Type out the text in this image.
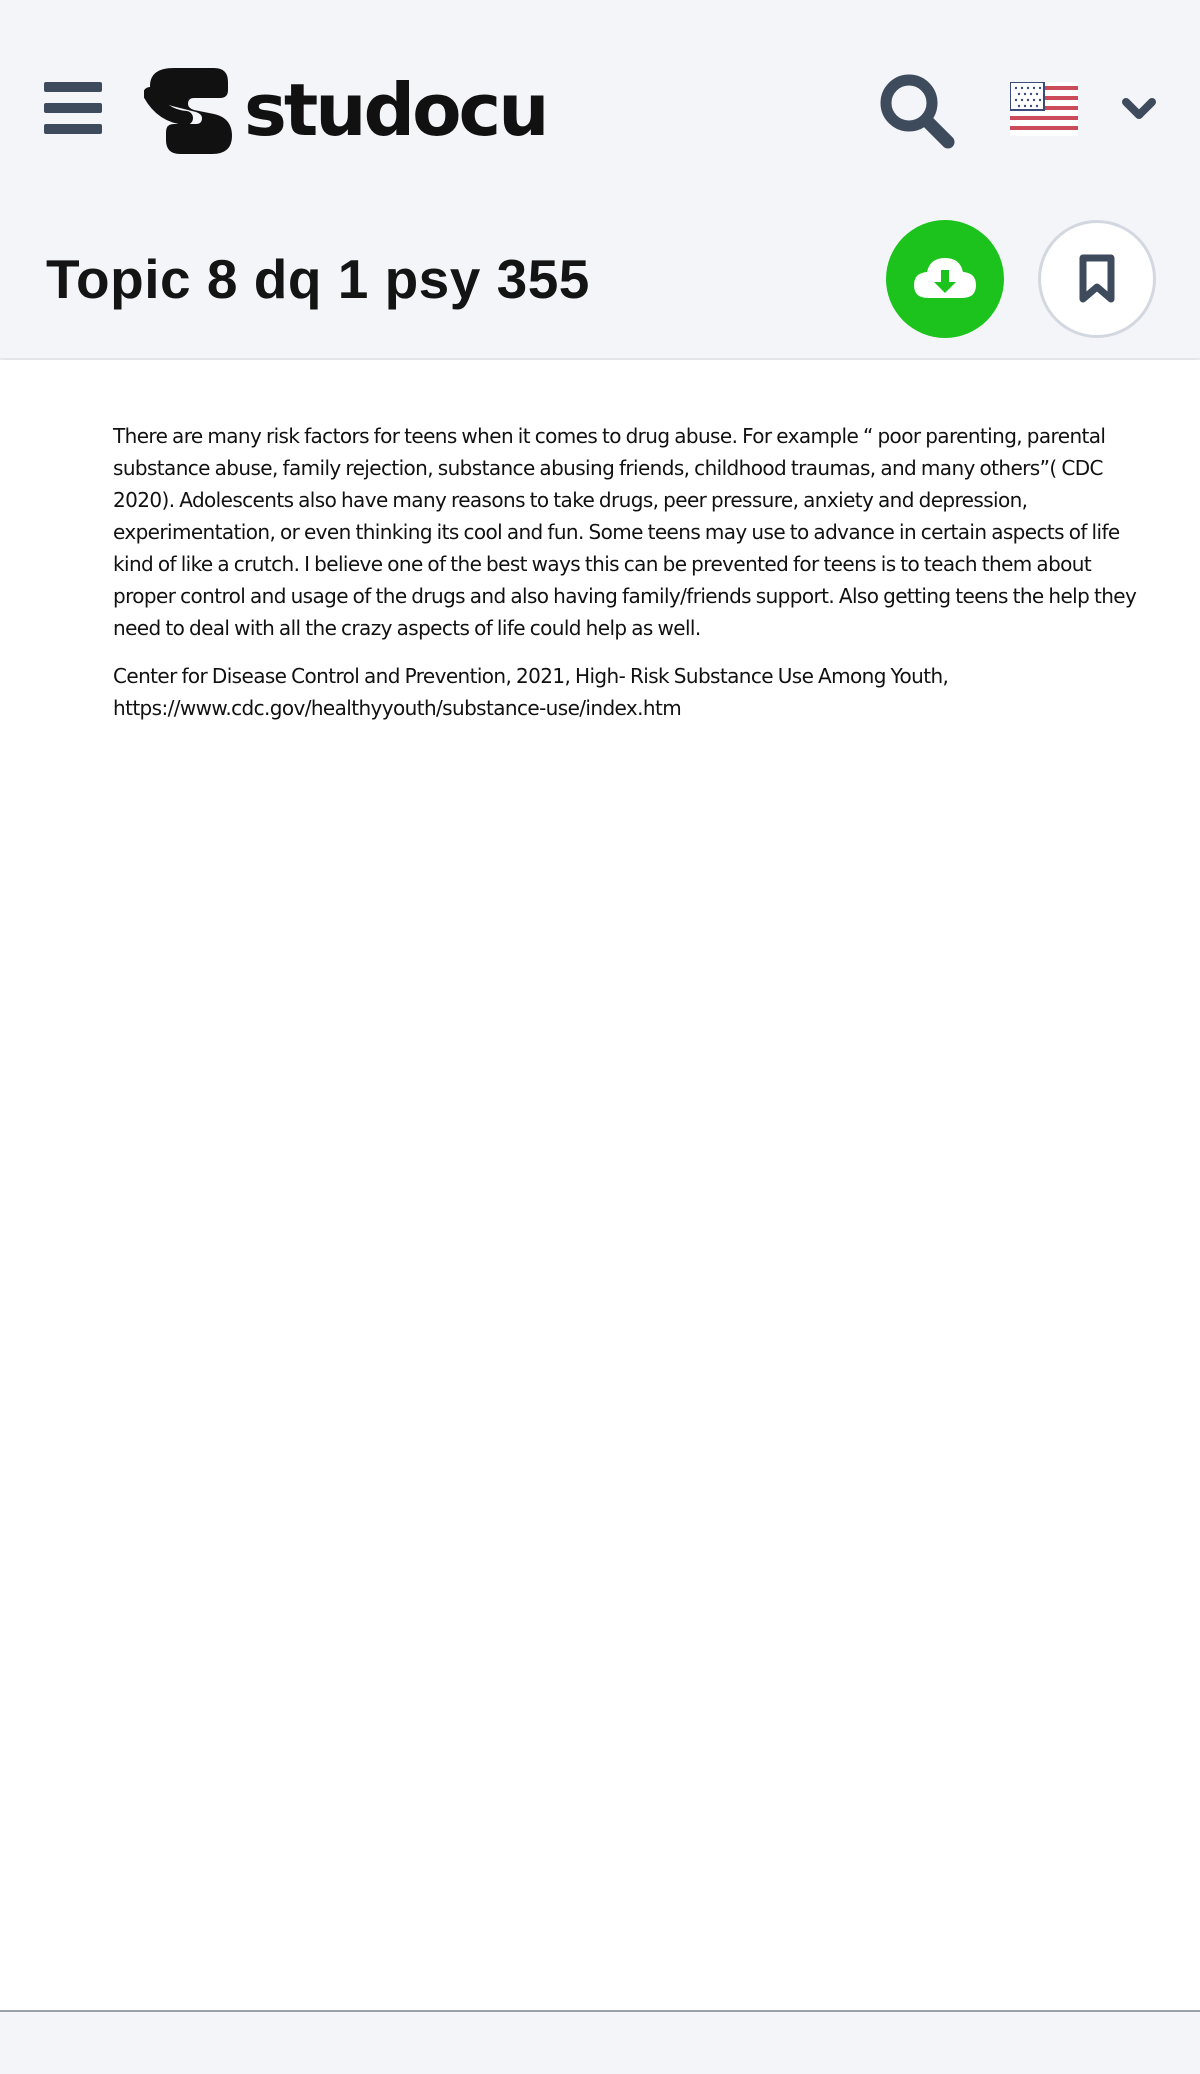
studocu
Topic 8 dq 1 psy 355

There are many risk factors for teens when it comes to drug abuse. For example “ poor parenting, parental substance abuse, family rejection, substance abusing friends, childhood traumas, and many others”( CDC 2020). Adolescents also have many reasons to take drugs, peer pressure, anxiety and depression, experimentation, or even thinking its cool and fun. Some teens may use to advance in certain aspects of life kind of like a crutch. I believe one of the best ways this can be prevented for teens is to teach them about proper control and usage of the drugs and also having family/friends support. Also getting teens the help they need to deal with all the crazy aspects of life could help as well.

Center for Disease Control and Prevention, 2021, High- Risk Substance Use Among Youth,
https://www.cdc.gov/healthyyouth/substance-use/index.htm
